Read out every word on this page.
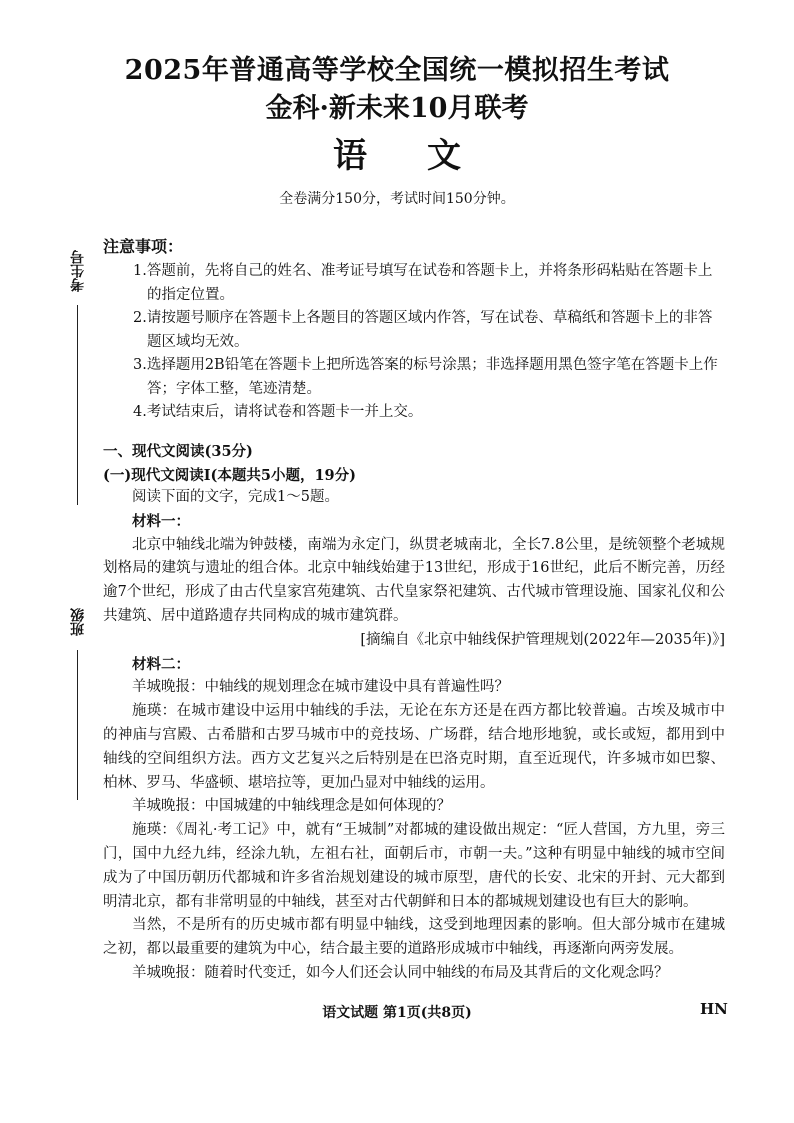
2025年普通高等学校全国统一模拟招生考试
金科·新未来10月联考
语文
全卷满分150分，考试时间150分钟。
考生号
班级
注意事项：

1.答题前，先将自己的姓名、准考证号填写在试卷和答题卡上，并将条形码粘贴在答题卡上的指定位置。

2.请按题号顺序在答题卡上各题目的答题区域内作答，写在试卷、草稿纸和答题卡上的非答题区域均无效。

3.选择题用2B铅笔在答题卡上把所选答案的标号涂黑；非选择题用黑色签字笔在答题卡上作答；字体工整，笔迹清楚。

4.考试结束后，请将试卷和答题卡一并上交。

一、现代文阅读(35分)
(一)现代文阅读Ⅰ(本题共5小题，19分)

阅读下面的文字，完成1～5题。

材料一：

北京中轴线北端为钟鼓楼，南端为永定门，纵贯老城南北，全长7.8公里，是统领整个老城规划格局的建筑与遗址的组合体。北京中轴线始建于13世纪，形成于16世纪，此后不断完善，历经逾7个世纪，形成了由古代皇家宫苑建筑、古代皇家祭祀建筑、古代城市管理设施、国家礼仪和公共建筑、居中道路遗存共同构成的城市建筑群。

[摘编自《北京中轴线保护管理规划(2022年—2035年)》]

材料二：

羊城晚报：中轴线的规划理念在城市建设中具有普遍性吗？

施瑛：在城市建设中运用中轴线的手法，无论在东方还是在西方都比较普遍。古埃及城市中的神庙与宫殿、古希腊和古罗马城市中的竞技场、广场群，结合地形地貌，或长或短，都用到中轴线的空间组织方法。西方文艺复兴之后特别是在巴洛克时期，直至近现代，许多城市如巴黎、柏林、罗马、华盛顿、堪培拉等，更加凸显对中轴线的运用。

羊城晚报：中国城建的中轴线理念是如何体现的？

施瑛：《周礼·考工记》中，就有“王城制”对都城的建设做出规定：“匠人营国，方九里，旁三门，国中九经九纬，经涂九轨，左祖右社，面朝后市，市朝一夫。”这种有明显中轴线的城市空间成为了中国历朝历代都城和许多省治规划建设的城市原型，唐代的长安、北宋的开封、元大都到明清北京，都有非常明显的中轴线，甚至对古代朝鲜和日本的都城规划建设也有巨大的影响。

当然，不是所有的历史城市都有明显中轴线，这受到地理因素的影响。但大部分城市在建城之初，都以最重要的建筑为中心，结合最主要的道路形成城市中轴线，再逐渐向两旁发展。

羊城晚报：随着时代变迁，如今人们还会认同中轴线的布局及其背后的文化观念吗？

语文试题 第1页(共8页)	HN
